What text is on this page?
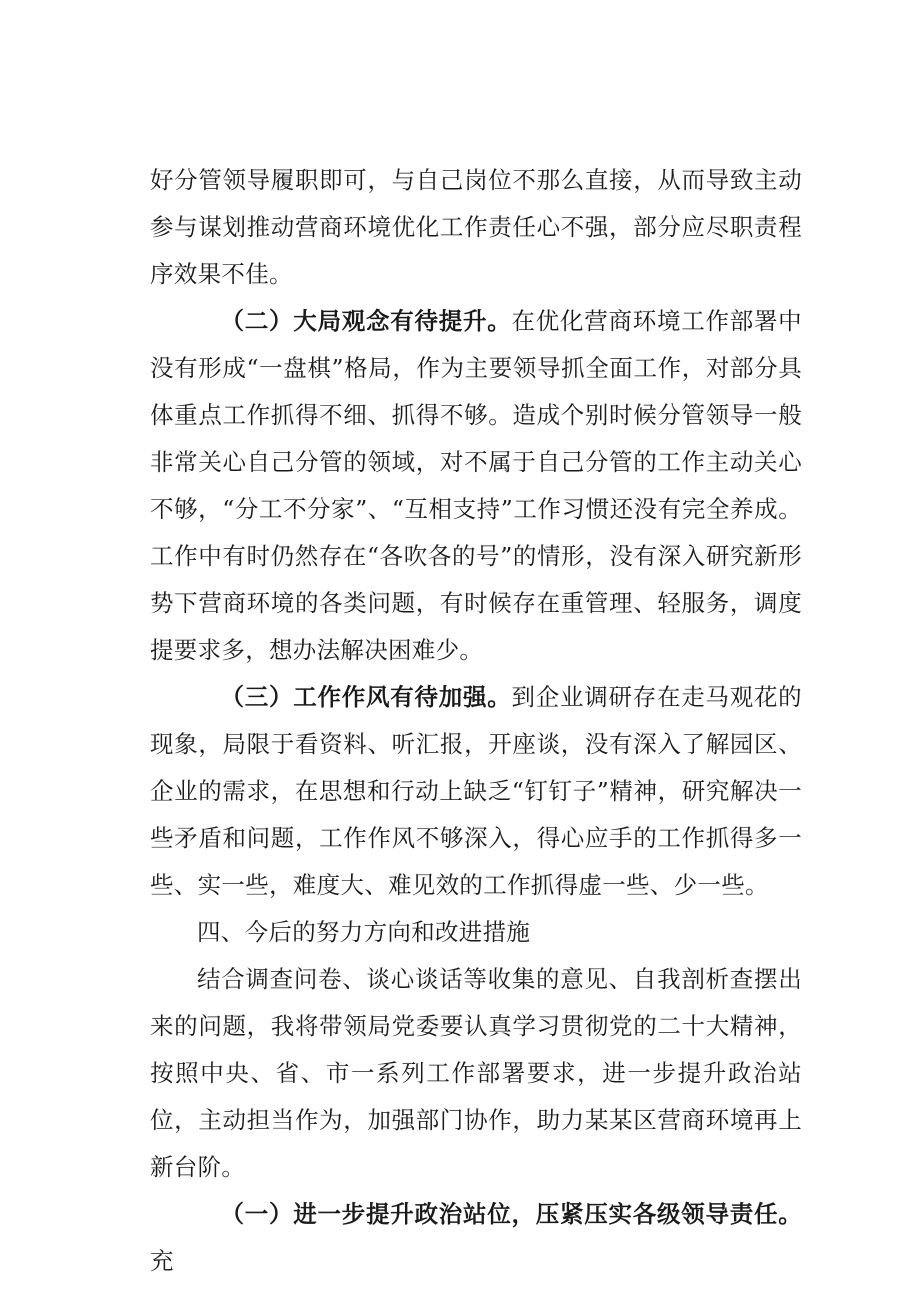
好分管领导履职即可，与自己岗位不那么直接，从而导致主动参与谋划推动营商环境优化工作责任心不强，部分应尽职责程序效果不佳。

（二）大局观念有待提升。在优化营商环境工作部署中没有形成“一盘棋”格局，作为主要领导抓全面工作，对部分具体重点工作抓得不细、抓得不够。造成个别时候分管领导一般非常关心自己分管的领域，对不属于自己分管的工作主动关心不够，“分工不分家”、“互相支持”工作习惯还没有完全养成。工作中有时仍然存在“各吹各的号”的情形，没有深入研究新形势下营商环境的各类问题，有时候存在重管理、轻服务，调度提要求多，想办法解决困难少。

（三）工作作风有待加强。到企业调研存在走马观花的现象，局限于看资料、听汇报，开座谈，没有深入了解园区、企业的需求，在思想和行动上缺乏“钉钉子”精神，研究解决一些矛盾和问题，工作作风不够深入，得心应手的工作抓得多一些、实一些，难度大、难见效的工作抓得虚一些、少一些。

四、今后的努力方向和改进措施

结合调查问卷、谈心谈话等收集的意见、自我剖析查摆出来的问题，我将带领局党委要认真学习贯彻党的二十大精神，按照中央、省、市一系列工作部署要求，进一步提升政治站位，主动担当作为，加强部门协作，助力某某区营商环境再上新台阶。

（一）进一步提升政治站位，压紧压实各级领导责任。充
